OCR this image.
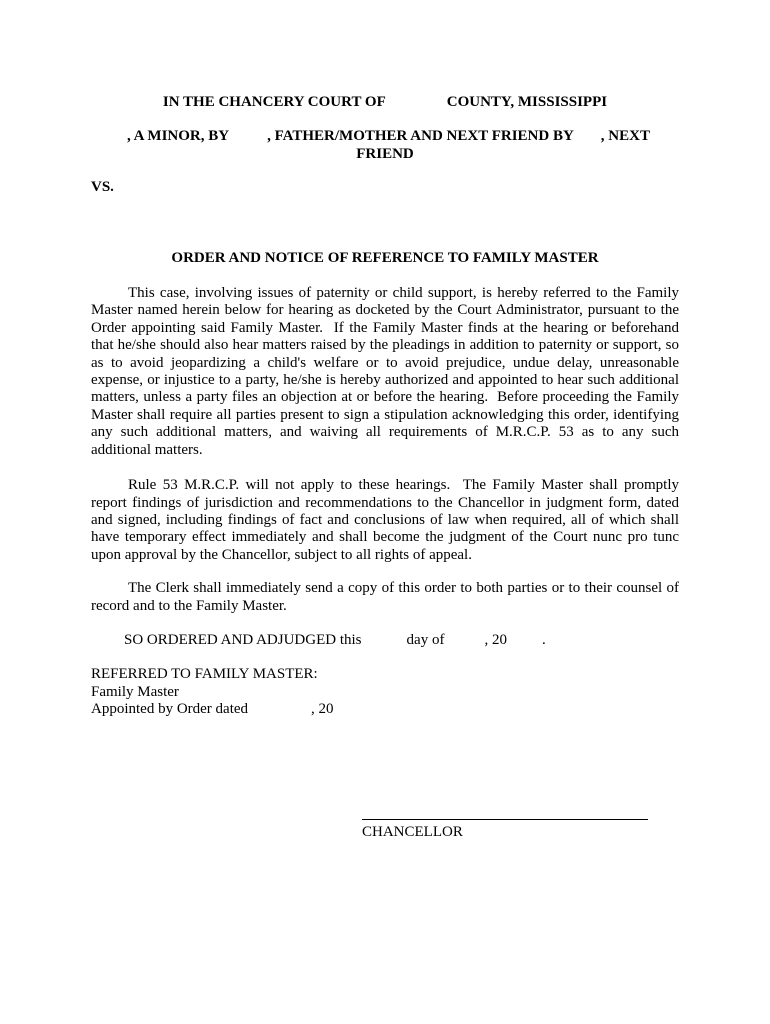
IN THE CHANCERY COURT OF	COUNTY, MISSISSIPPI
, A MINOR, BY	, FATHER/MOTHER AND NEXT FRIEND BY , NEXT
FRIEND
VS.
ORDER AND NOTICE OF REFERENCE TO FAMILY MASTER
This case, involving issues of paternity or child support, is hereby referred to the Family Master named herein below for hearing as docketed by the Court Administrator, pursuant to the Order appointing said Family Master.  If the Family Master finds at the hearing or beforehand that he/she should also hear matters raised by the pleadings in addition to paternity or support, so as to avoid jeopardizing a child's welfare or to avoid prejudice, undue delay, unreasonable expense, or injustice to a party, he/she is hereby authorized and appointed to hear such additional matters, unless a party files an objection at or before the hearing.  Before proceeding the Family Master shall require all parties present to sign a stipulation acknowledging this order, identifying any such additional matters, and waiving all requirements of M.R.C.P. 53 as to any such additional matters.
Rule 53 M.R.C.P. will not apply to these hearings.  The Family Master shall promptly report findings of jurisdiction and recommendations to the Chancellor in judgment form, dated and signed, including findings of fact and conclusions of law when required, all of which shall have temporary effect immediately and shall become the judgment of the Court nunc pro tunc upon approval by the Chancellor, subject to all rights of appeal.
The Clerk shall immediately send a copy of this order to both parties or to their counsel of record and to the Family Master.
SO ORDERED AND ADJUDGED this	day of	, 20 .
REFERRED TO FAMILY MASTER:
Family Master
Appointed by Order dated	, 20
CHANCELLOR
